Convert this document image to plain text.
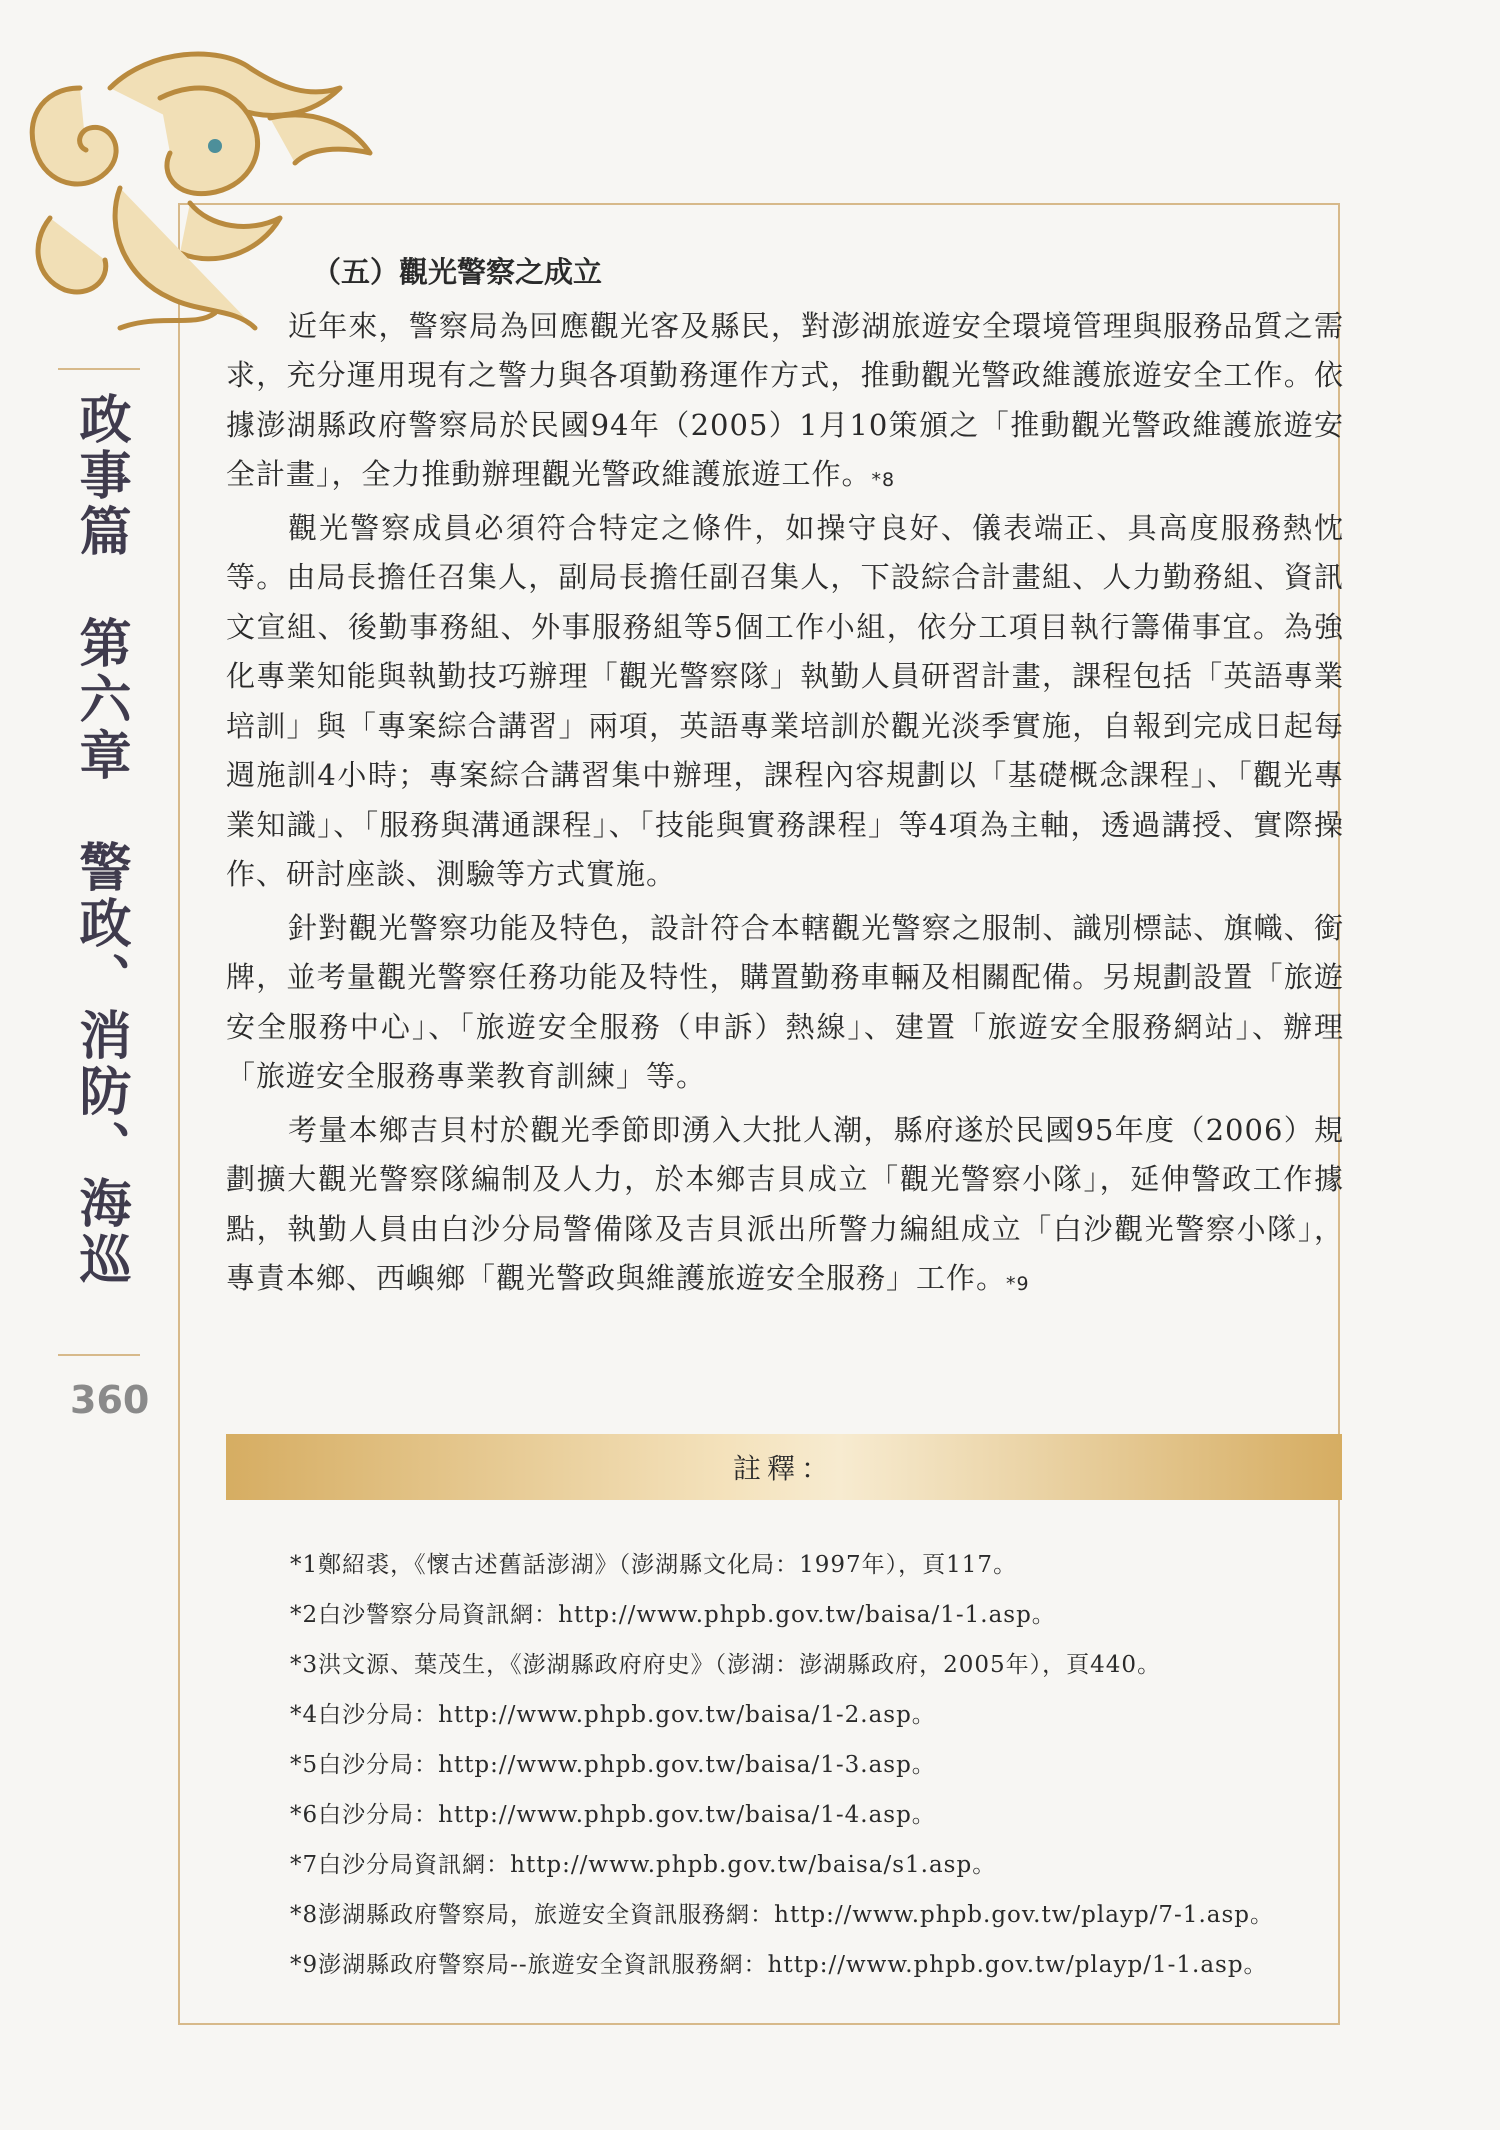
政事篇　第六章　警政、消防、海巡
360

（五）觀光警察之成立

近年來，警察局為回應觀光客及縣民，對澎湖旅遊安全環境管理與服務品質之需求，充分運用現有之警力與各項勤務運作方式，推動觀光警政維護旅遊安全工作。依據澎湖縣政府警察局於民國94年（2005）1月10策頒之「推動觀光警政維護旅遊安全計畫」，全力推動辦理觀光警政維護旅遊工作。*8

觀光警察成員必須符合特定之條件，如操守良好、儀表端正、具高度服務熱忱等。由局長擔任召集人，副局長擔任副召集人，下設綜合計畫組、人力勤務組、資訊文宣組、後勤事務組、外事服務組等5個工作小組，依分工項目執行籌備事宜。為強化專業知能與執勤技巧辦理「觀光警察隊」執勤人員研習計畫，課程包括「英語專業培訓」與「專案綜合講習」兩項，英語專業培訓於觀光淡季實施，自報到完成日起每週施訓4小時；專案綜合講習集中辦理，課程內容規劃以「基礎概念課程」、「觀光專業知識」、「服務與溝通課程」、「技能與實務課程」等4項為主軸，透過講授、實際操作、研討座談、測驗等方式實施。

針對觀光警察功能及特色，設計符合本轄觀光警察之服制、識別標誌、旗幟、銜牌，並考量觀光警察任務功能及特性，購置勤務車輛及相關配備。另規劃設置「旅遊安全服務中心」、「旅遊安全服務（申訴）熱線」、建置「旅遊安全服務網站」、辦理「旅遊安全服務專業教育訓練」等。

考量本鄉吉貝村於觀光季節即湧入大批人潮，縣府遂於民國95年度（2006）規劃擴大觀光警察隊編制及人力，於本鄉吉貝成立「觀光警察小隊」，延伸警政工作據點，執勤人員由白沙分局警備隊及吉貝派出所警力編組成立「白沙觀光警察小隊」，專責本鄉、西嶼鄉「觀光警政與維護旅遊安全服務」工作。*9

註釋：
*1鄭紹裘，《懷古述舊話澎湖》（澎湖縣文化局：1997年），頁117。
*2白沙警察分局資訊網：http://www.phpb.gov.tw/baisa/1-1.asp。
*3洪文源、葉茂生，《澎湖縣政府府史》（澎湖：澎湖縣政府，2005年），頁440。
*4白沙分局：http://www.phpb.gov.tw/baisa/1-2.asp。
*5白沙分局：http://www.phpb.gov.tw/baisa/1-3.asp。
*6白沙分局：http://www.phpb.gov.tw/baisa/1-4.asp。
*7白沙分局資訊網：http://www.phpb.gov.tw/baisa/s1.asp。
*8澎湖縣政府警察局，旅遊安全資訊服務網：http://www.phpb.gov.tw/playp/7-1.asp。
*9澎湖縣政府警察局--旅遊安全資訊服務網：http://www.phpb.gov.tw/playp/1-1.asp。
